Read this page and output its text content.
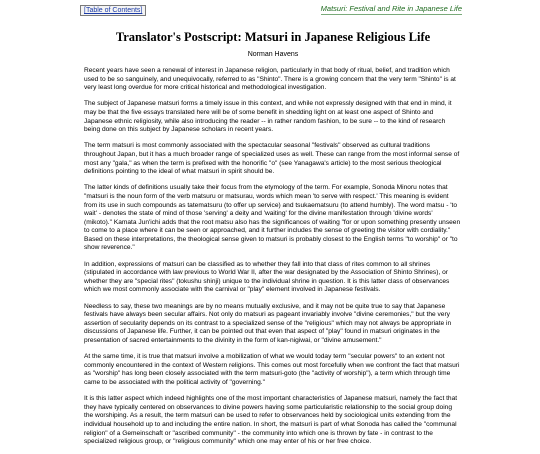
[Table of Contents]	Matsuri: Festival and Rite in Japanese Life
Translator's Postscript: Matsuri in Japanese Religious Life
Norman Havens

Recent years have seen a renewal of interest in Japanese religion, particularly in that body of ritual, belief, and tradition which used to be so sanguinely, and unequivocally, referred to as "Shinto". There is a growing concern that the very term "Shinto" is at very least long overdue for more critical historical and methodological investigation.

The subject of Japanese matsuri forms a timely issue in this context, and while not expressly designed with that end in mind, it may be that the five essays translated here will be of some benefit in shedding light on at least one aspect of Shinto and Japanese ethnic religiosity, while also introducing the reader -- in rather random fashion, to be sure -- to the kind of research being done on this subject by Japanese scholars in recent years.

The term matsuri is most commonly associated with the spectacular seasonal "festivals" observed as cultural traditions throughout Japan, but it has a much broader range of specialized uses as well. These can range from the most informal sense of most any "gala," as when the term is prefixed with the honorific "o" (see Yanagawa's article) to the most serious theological definitions pointing to the ideal of what matsuri in spirit should be.

The latter kinds of definitions usually take their focus from the etymology of the term. For example, Sonoda Minoru notes that "matsuri is the noun form of the verb matsuru or matsurau, words which mean 'to serve with respect.' This meaning is evident from its use in such compounds as tatematsuru (to offer up service) and tsukaematsuru (to attend humbly). The word matsu - 'to wait' - denotes the state of mind of those 'serving' a deity and 'waiting' for the divine manifestation through 'divine words' (mikoto)." Kamata Jun'ichi adds that the root matsu also has the significances of waiting "for or upon something presently unseen to come to a place where it can be seen or approached, and it further includes the sense of greeting the visitor with cordiality." Based on these interpretations, the theological sense given to matsuri is probably closest to the English terms "to worship" or "to show reverence."

In addition, expressions of matsuri can be classified as to whether they fall into that class of rites common to all shrines (stipulated in accordance with law previous to World War II, after the war designated by the Association of Shinto Shrines), or whether they are "special rites" (tokushu shinji) unique to the individual shrine in question. It is this latter class of observances which we most commonly associate with the carnival or "play" element involved in Japanese festivals.

Needless to say, these two meanings are by no means mutually exclusive, and it may not be quite true to say that Japanese festivals have always been secular affairs. Not only do matsuri as pageant invariably involve "divine ceremonies," but the very assertion of secularity depends on its contrast to a specialized sense of the "religious" which may not always be appropriate in discussions of Japanese life. Further, it can be pointed out that even that aspect of "play" found in matsuri originates in the presentation of sacred entertainments to the divinity in the form of kan-nigiwai, or "divine amusement."

At the same time, it is true that matsuri involve a mobilization of what we would today term "secular powers" to an extent not commonly encountered in the context of Western religions. This comes out most forcefully when we confront the fact that matsuri as "worship" has long been closely associated with the term matsuri-goto (the "activity of worship"), a term which through time came to be associated with the political activity of "governing."

It is this latter aspect which indeed highlights one of the most important characteristics of Japanese matsuri, namely the fact that they have typically centered on observances to divine powers having some particularistic relationship to the social group doing the worshiping. As a result, the term matsuri can be used to refer to observances held by sociological units extending from the individual household up to and including the entire nation. In short, the matsuri is part of what Sonoda has called the "communal religion" of a Gemeinschaft or "ascribed community" - the community into which one is thrown by fate - in contrast to the specialized religious group, or "religious community" which one may enter of his or her free choice.
